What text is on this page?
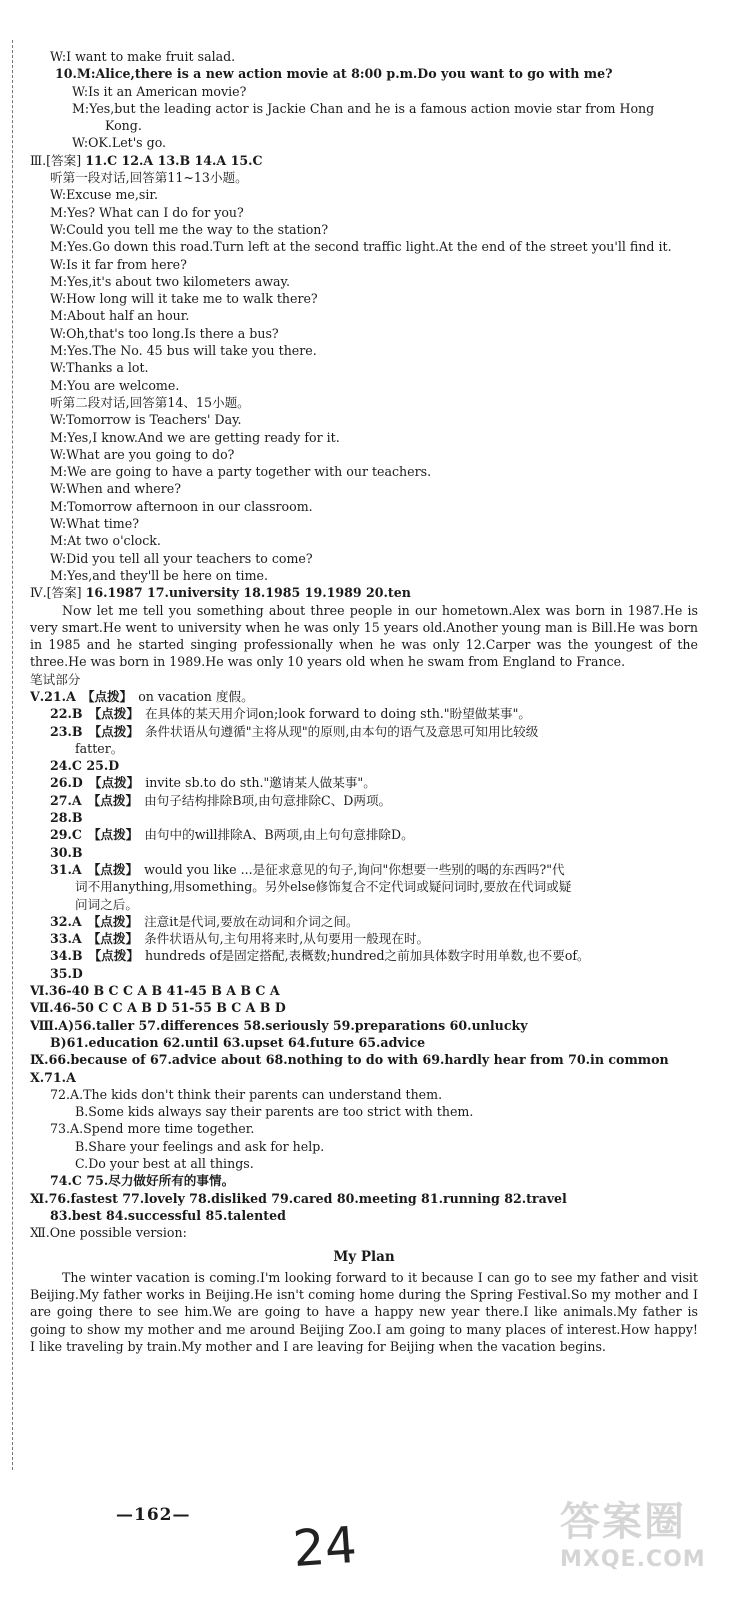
W:I want to make fruit salad.
10.M:Alice,there is a new action movie at 8:00 p.m.Do you want to go with me?
W:Is it an American movie?
M:Yes,but the leading actor is Jackie Chan and he is a famous action movie star from Hong
Kong.
W:OK.Let's go.
Ⅲ.[答案] 11.C 12.A 13.B 14.A 15.C
听第一段对话,回答第11~13小题。
W:Excuse me,sir.
M:Yes? What can I do for you?
W:Could you tell me the way to the station?
M:Yes.Go down this road.Turn left at the second traffic light.At the end of the street you'll find it.
W:Is it far from here?
M:Yes,it's about two kilometers away.
W:How long will it take me to walk there?
M:About half an hour.
W:Oh,that's too long.Is there a bus?
M:Yes.The No. 45 bus will take you there.
W:Thanks a lot.
M:You are welcome.
听第二段对话,回答第14、15小题。
W:Tomorrow is Teachers' Day.
M:Yes,I know.And we are getting ready for it.
W:What are you going to do?
M:We are going to have a party together with our teachers.
W:When and where?
M:Tomorrow afternoon in our classroom.
W:What time?
M:At two o'clock.
W:Did you tell all your teachers to come?
M:Yes,and they'll be here on time.
Ⅳ.[答案] 16.1987 17.university 18.1985 19.1989 20.ten
Now let me tell you something about three people in our hometown.Alex was born in 1987.He is very smart.He went to university when he was only 15 years old.Another young man is Bill.He was born in 1985 and he started singing professionally when he was only 12.Carper was the youngest of the three.He was born in 1989.He was only 10 years old when he swam from England to France.
笔试部分
Ⅴ.21.A 【点拨】 on vacation 度假。
22.B 【点拨】 在具体的某天用介词on;look forward to doing sth."盼望做某事"。
23.B 【点拨】 条件状语从句遵循"主将从现"的原则,由本句的语气及意思可知用比较级
fatter。
24.C 25.D
26.D 【点拨】 invite sb.to do sth."邀请某人做某事"。
27.A 【点拨】 由句子结构排除B项,由句意排除C、D两项。
28.B
29.C 【点拨】 由句中的will排除A、B两项,由上句句意排除D。
30.B
31.A 【点拨】 would you like ...是征求意见的句子,询问"你想要一些别的喝的东西吗?"代
词不用anything,用something。另外else修饰复合不定代词或疑问词时,要放在代词或疑
问词之后。
32.A 【点拨】 注意it是代词,要放在动词和介词之间。
33.A 【点拨】 条件状语从句,主句用将来时,从句要用一般现在时。
34.B 【点拨】 hundreds of是固定搭配,表概数;hundred之前加具体数字时用单数,也不要of。
35.D
Ⅵ.36-40 B C C A B 41-45 B A B C A
Ⅶ.46-50 C C A B D 51-55 B C A B D
Ⅷ.A)56.taller 57.differences 58.seriously 59.preparations 60.unlucky
B)61.education 62.until 63.upset 64.future 65.advice
Ⅸ.66.because of 67.advice about 68.nothing to do with 69.hardly hear from 70.in common
Ⅹ.71.A
72.A.The kids don't think their parents can understand them.
B.Some kids always say their parents are too strict with them.
73.A.Spend more time together.
B.Share your feelings and ask for help.
C.Do your best at all things.
74.C 75.尽力做好所有的事情。
Ⅺ.76.fastest 77.lovely 78.disliked 79.cared 80.meeting 81.running 82.travel
83.best 84.successful 85.talented
Ⅻ.One possible version:
My Plan
The winter vacation is coming.I'm looking forward to it because I can go to see my father and visit Beijing.My father works in Beijing.He isn't coming home during the Spring Festival.So my mother and I are going there to see him.We are going to have a happy new year there.I like animals.My father is going to show my mother and me around Beijing Zoo.I am going to many places of interest.How happy! I like traveling by train.My mother and I are leaving for Beijing when the vacation begins.
—162—
24	答案圈
MXQE.COM
